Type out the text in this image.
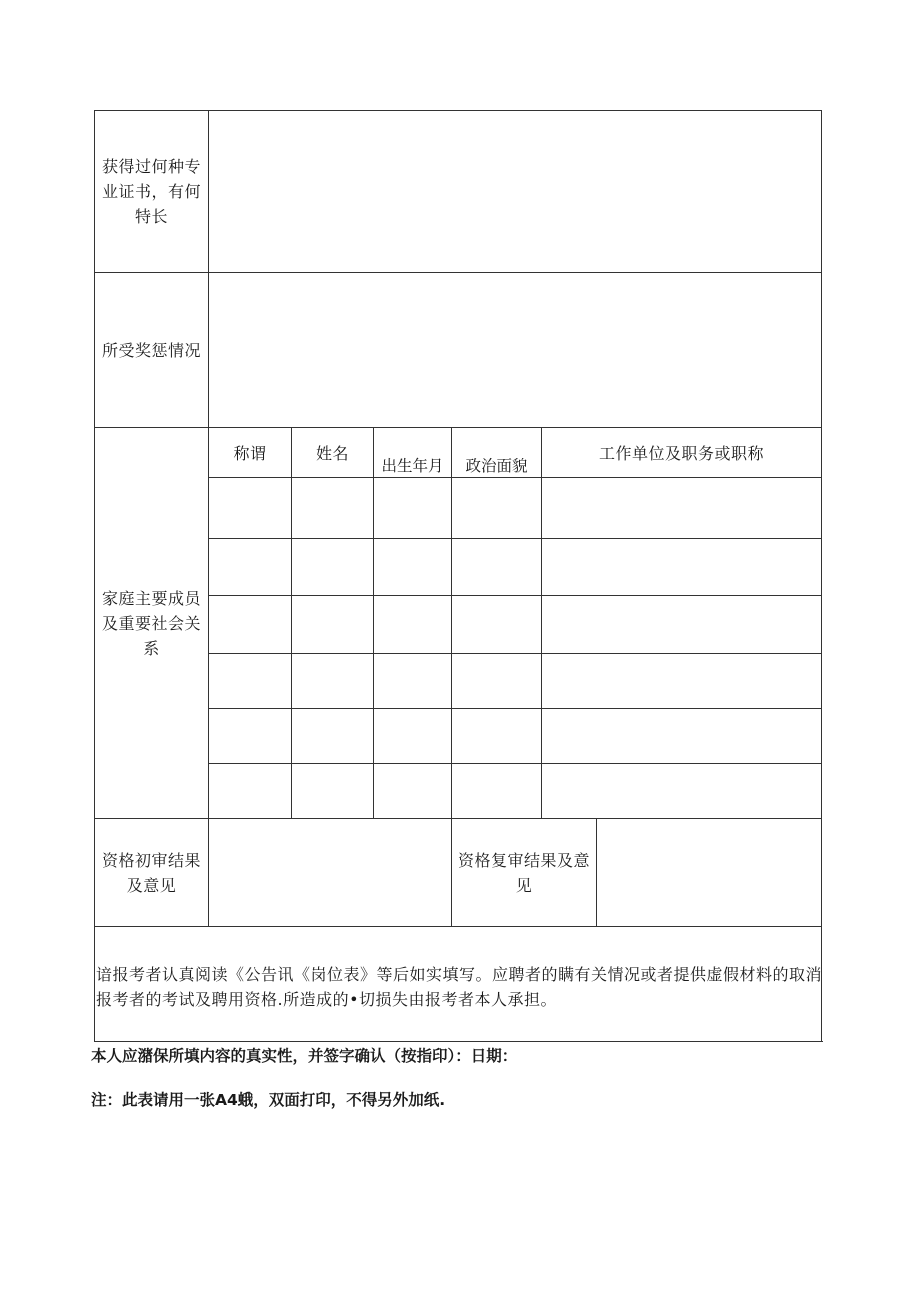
获得过何种专业证书，有何特长
所受奖惩情况
家庭主要成员及重要社会关系
称谓	姓名
出生年月	政治面貌
工作单位及职务或职称
资格初审结果及意见
资格复审结果及意见
谙报考者认真阅读《公告讯《岗位表》等后如实填写。应聘者的瞒有关情况或者提供虚假材料的取消报考者的考试及聘用资格.所造成的•切损失由报考者本人承担。
本人应潴保所填内容的真实性，并签字确认（按指印）：日期：
注：此表请用一张A4蛾，双面打印，不得另外加纸.
